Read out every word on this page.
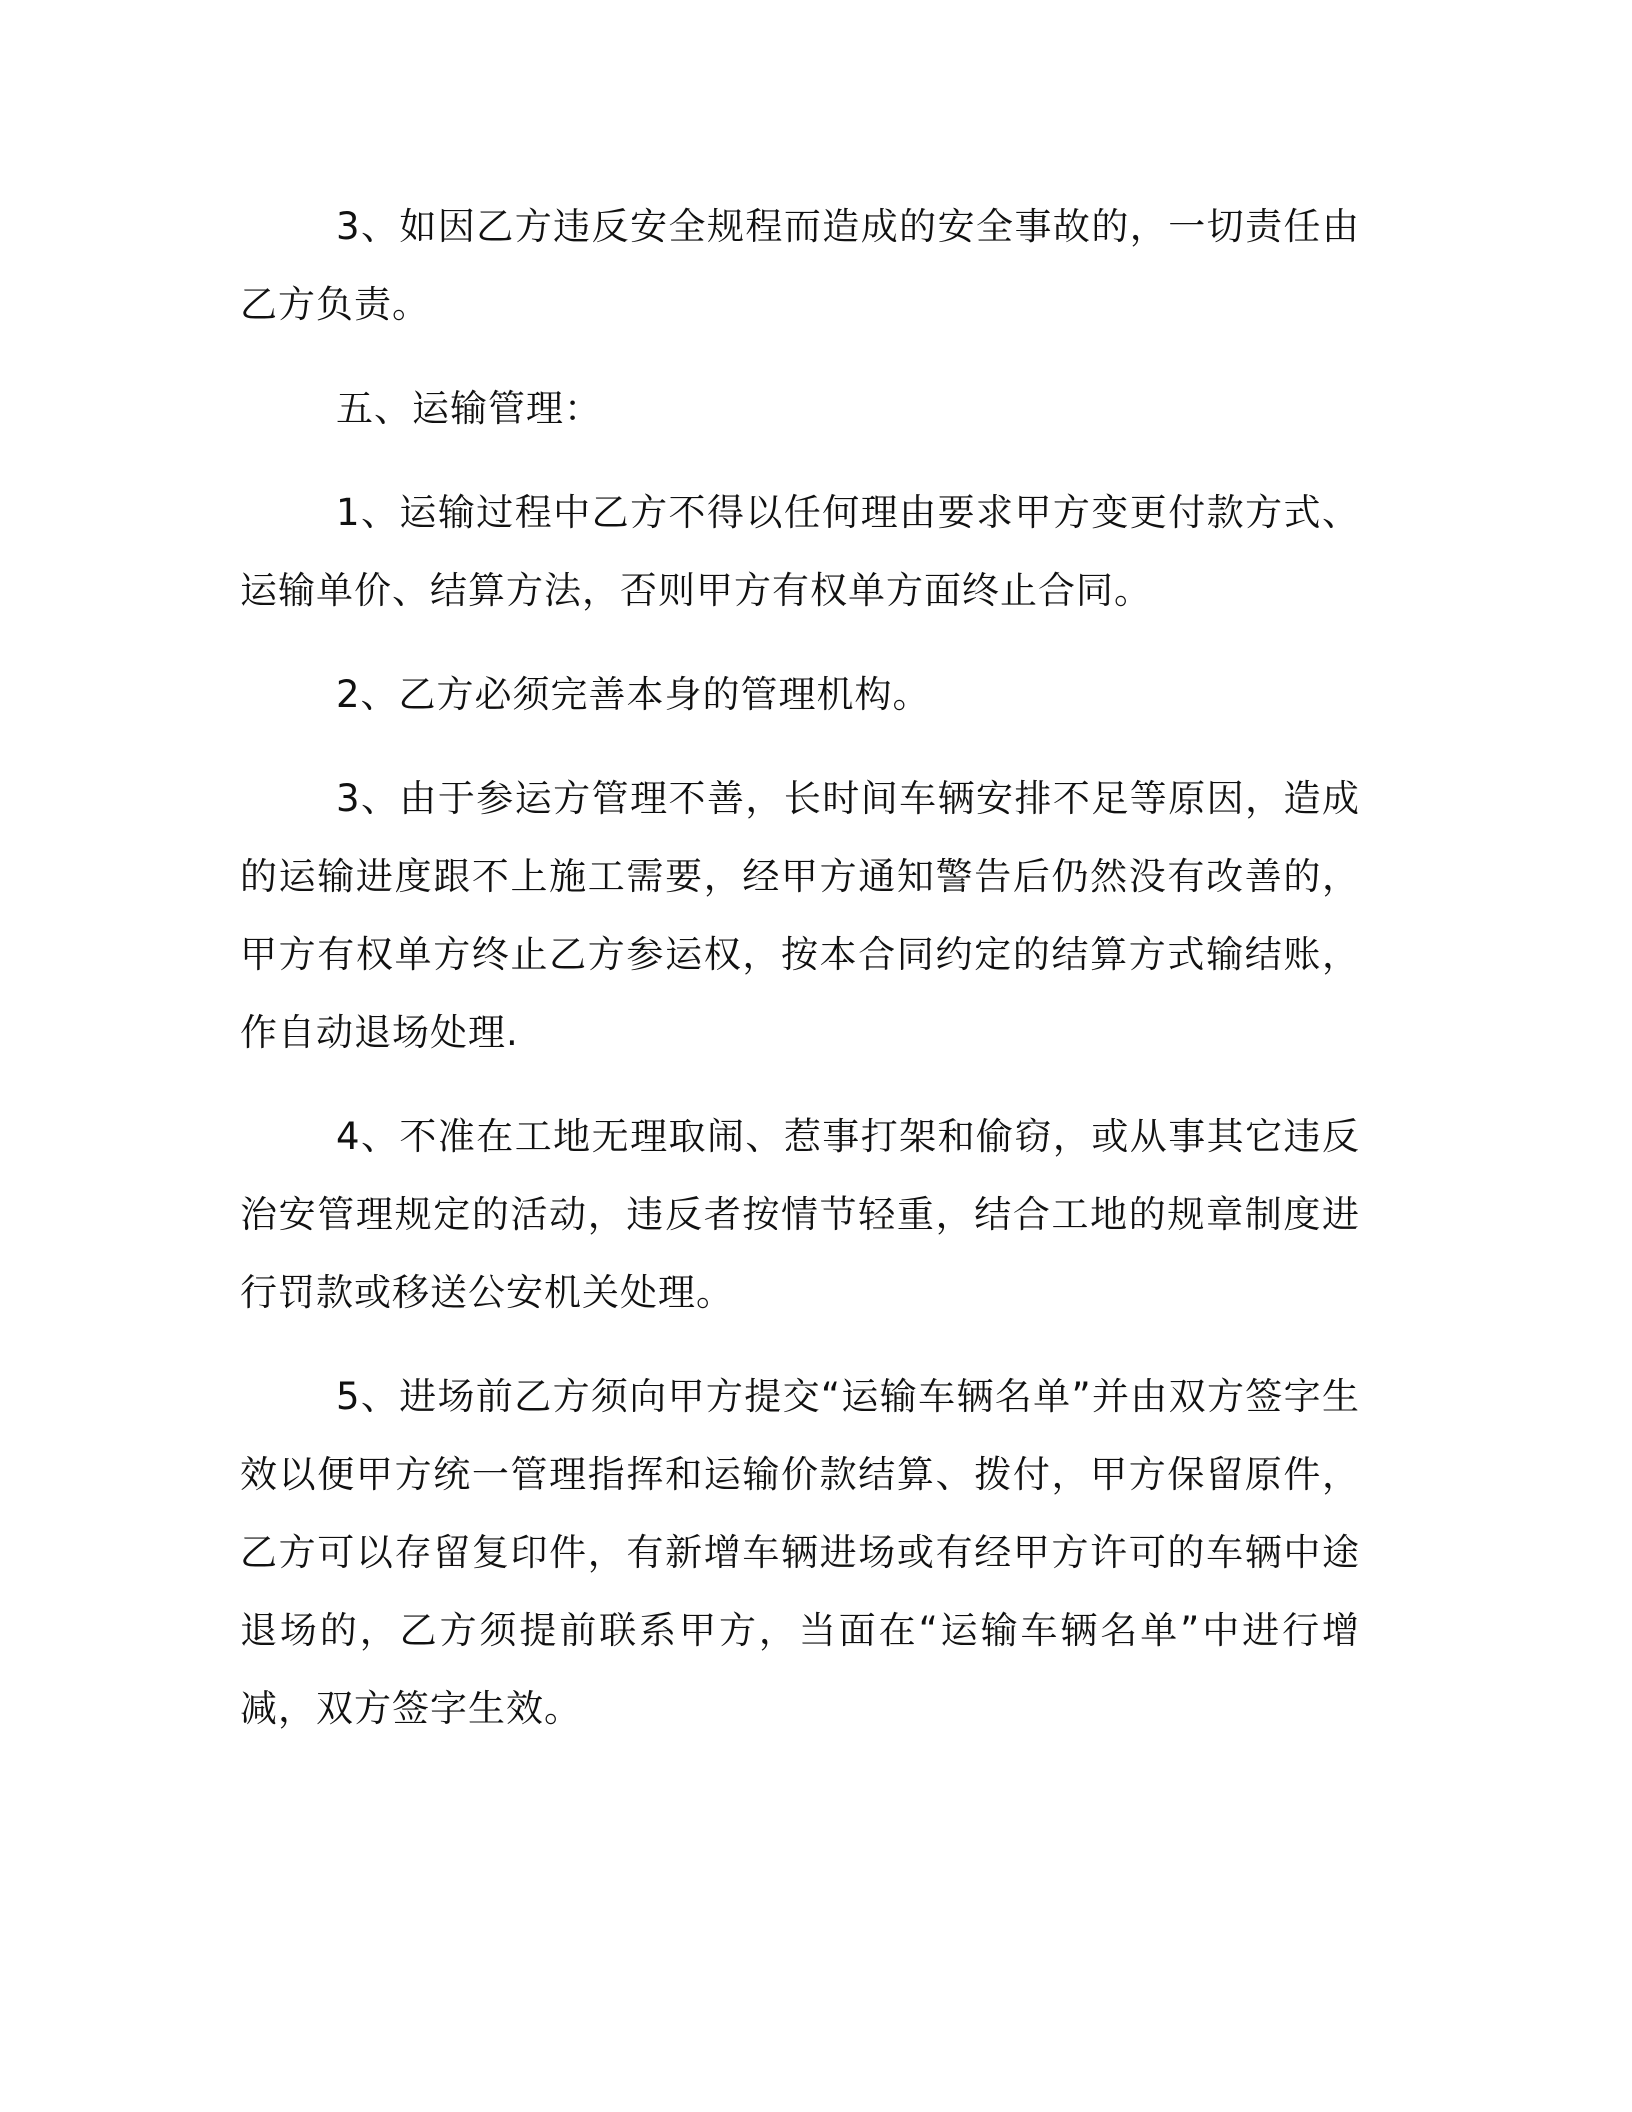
3、如因乙方违反安全规程而造成的安全事故的，一切责任由乙方负责。

五、运输管理：

1、运输过程中乙方不得以任何理由要求甲方变更付款方式、运输单价、结算方法，否则甲方有权单方面终止合同。

2、乙方必须完善本身的管理机构。

3、由于参运方管理不善，长时间车辆安排不足等原因，造成的运输进度跟不上施工需要，经甲方通知警告后仍然没有改善的，甲方有权单方终止乙方参运权，按本合同约定的结算方式输结账，作自动退场处理.

4、不准在工地无理取闹、惹事打架和偷窃，或从事其它违反治安管理规定的活动，违反者按情节轻重，结合工地的规章制度进行罚款或移送公安机关处理。

5、进场前乙方须向甲方提交“运输车辆名单”并由双方签字生效以便甲方统一管理指挥和运输价款结算、拨付，甲方保留原件，乙方可以存留复印件，有新增车辆进场或有经甲方许可的车辆中途退场的，乙方须提前联系甲方，当面在“运输车辆名单”中进行增减，双方签字生效。
